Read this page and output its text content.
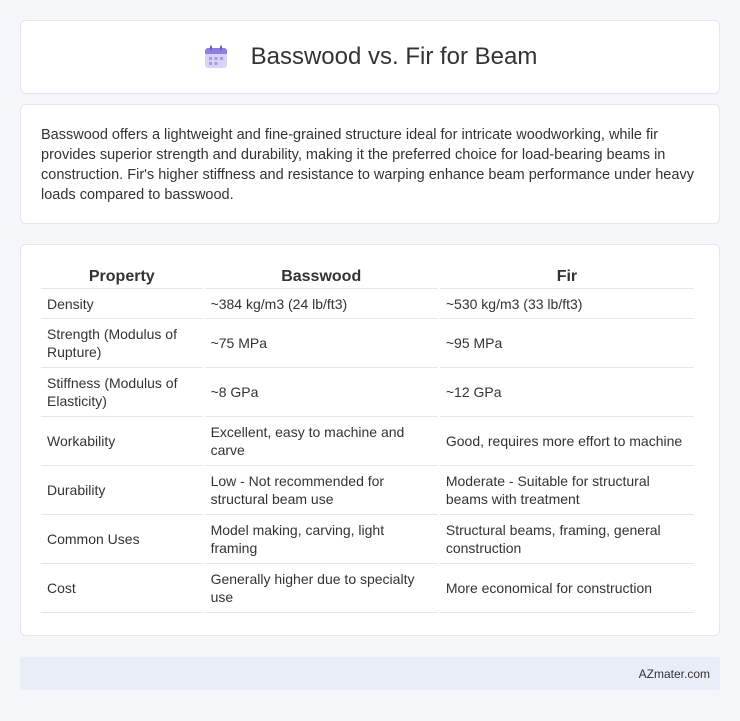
Basswood vs. Fir for Beam

Basswood offers a lightweight and fine-grained structure ideal for intricate woodworking, while fir provides superior strength and durability, making it the preferred choice for load-bearing beams in construction. Fir's higher stiffness and resistance to warping enhance beam performance under heavy loads compared to basswood.

Property	Basswood	Fir
Density	~384 kg/m3 (24 lb/ft3)	~530 kg/m3 (33 lb/ft3)
Strength (Modulus of Rupture)	~75 MPa	~95 MPa
Stiffness (Modulus of Elasticity)	~8 GPa	~12 GPa
Workability	Excellent, easy to machine and carve	Good, requires more effort to machine
Durability	Low - Not recommended for structural beam use	Moderate - Suitable for structural beams with treatment
Common Uses	Model making, carving, light framing	Structural beams, framing, general construction
Cost	Generally higher due to specialty use	More economical for construction
AZmater.com
